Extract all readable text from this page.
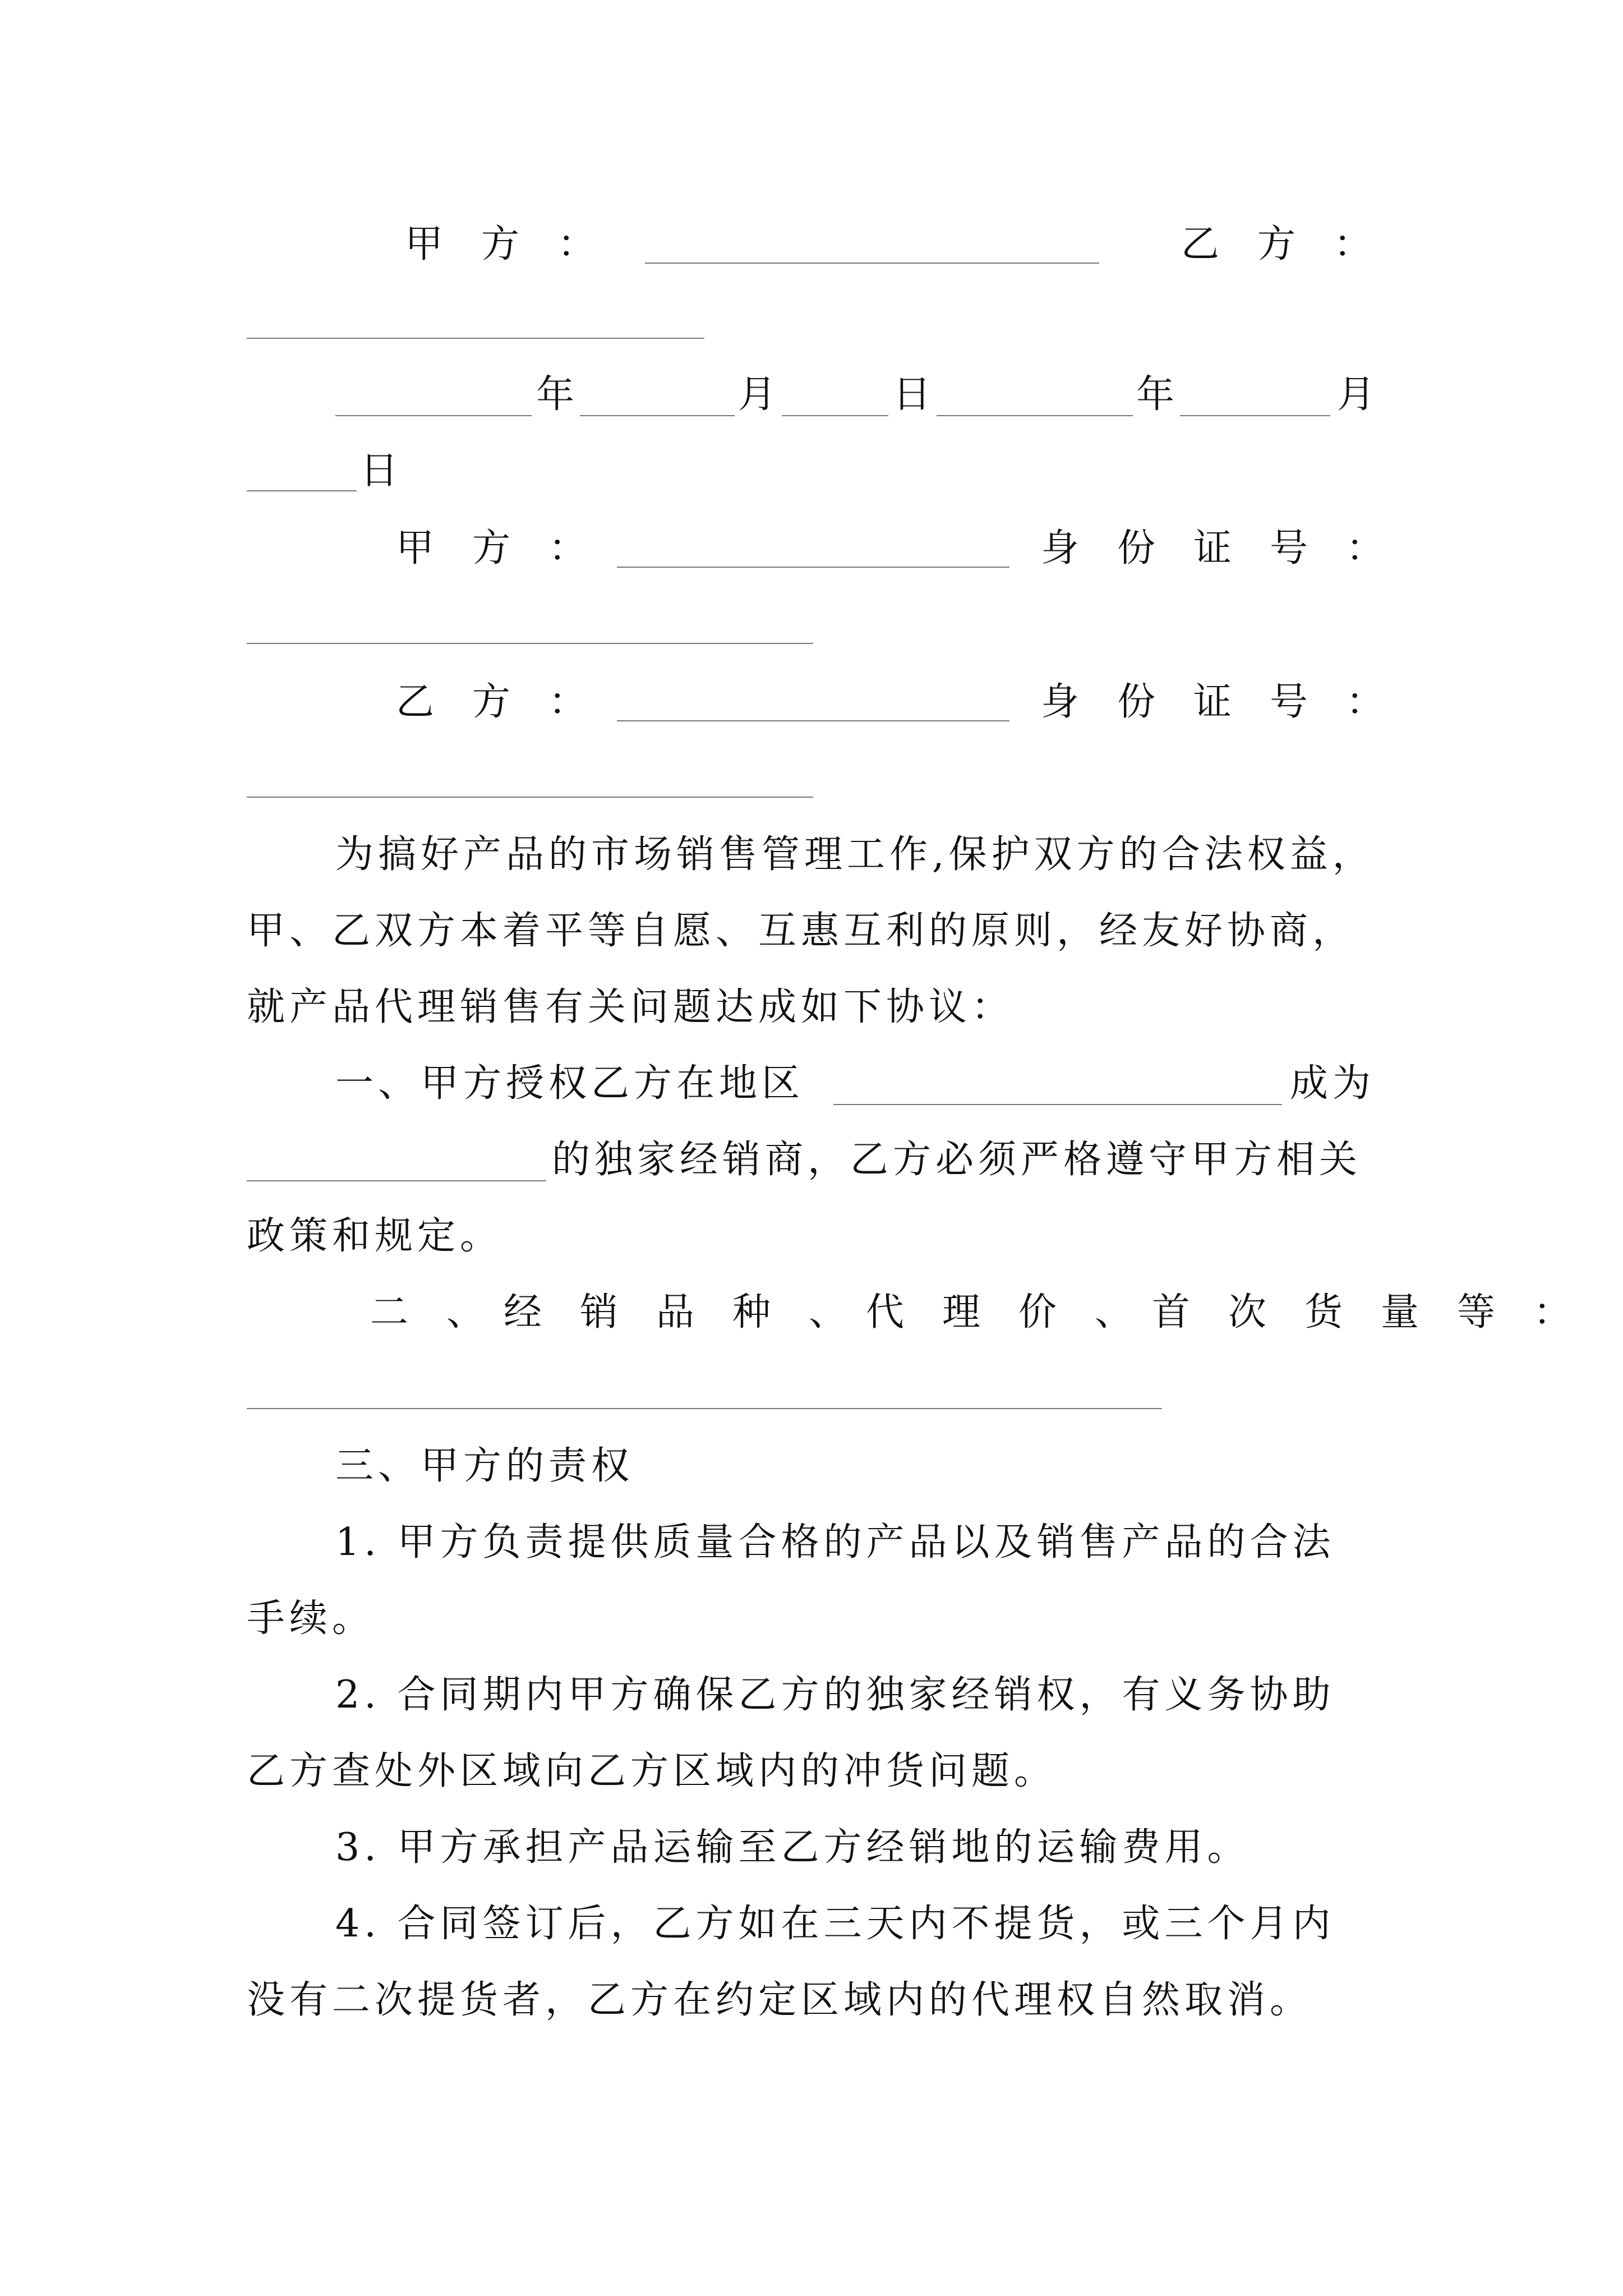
甲　方　：	乙　方　：
年	月	日	年	月
日
甲　方　：	身　份　证　号　：
乙　方　：	身　份　证　号　：
为搞好产品的市场销售管理工作,保护双方的合法权益，
甲、乙双方本着平等自愿、互惠互利的原则，经友好协商，
就产品代理销售有关问题达成如下协议：
一、甲方授权乙方在地区	成为
的独家经销商，乙方必须严格遵守甲方相关
政策和规定。
二　、　经　销　品　种　、　代　理　价　、　首　次　货　量　等　：
三、甲方的责权
1. 甲方负责提供质量合格的产品以及销售产品的合法
手续。
2. 合同期内甲方确保乙方的独家经销权，有义务协助
乙方查处外区域向乙方区域内的冲货问题。
3. 甲方承担产品运输至乙方经销地的运输费用。
4. 合同签订后，乙方如在三天内不提货，或三个月内
没有二次提货者，乙方在约定区域内的代理权自然取消。
